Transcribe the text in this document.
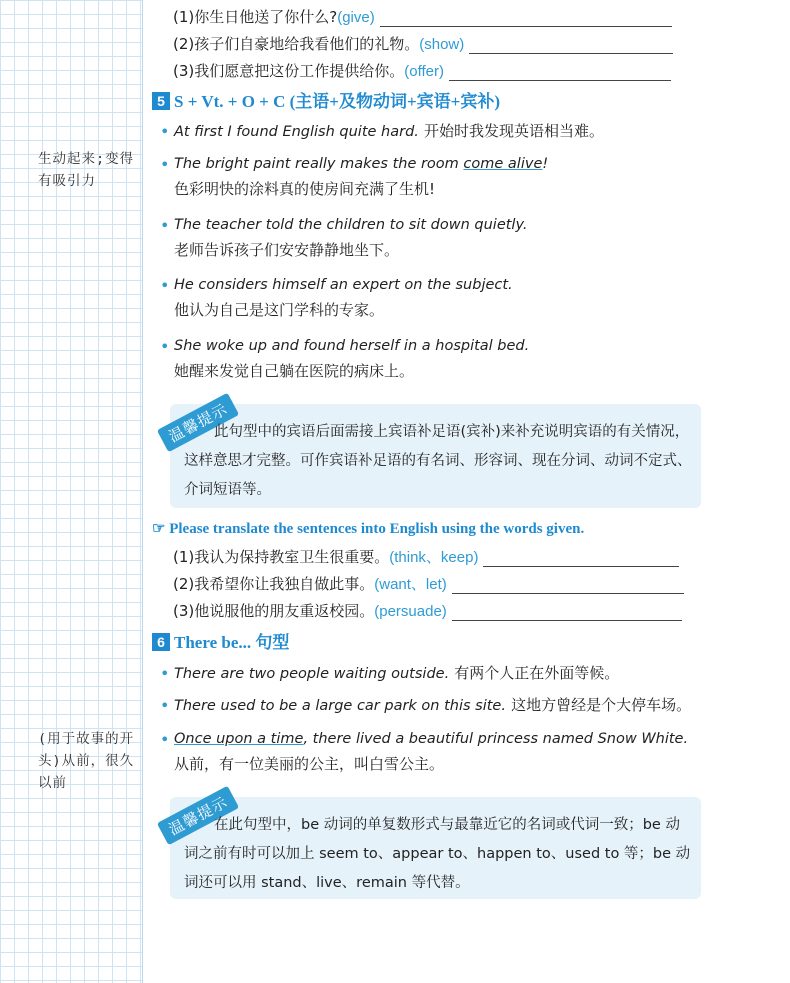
生动起来;变得有吸引力
(用于故事的开头)从前，很久以前
(1)你生日他送了你什么?(give)
(2)孩子们自豪地给我看他们的礼物。(show)
(3)我们愿意把这份工作提供给你。(offer)
5 S + Vt. + O + C (主语+及物动词+宾语+宾补)
• At first I found English quite hard. 开始时我发现英语相当难。
• The bright paint really makes the room come alive!
色彩明快的涂料真的使房间充满了生机!
• The teacher told the children to sit down quietly.
老师告诉孩子们安安静静地坐下。
• He considers himself an expert on the subject.
他认为自己是这门学科的专家。
• She woke up and found herself in a hospital bed.
她醒来发觉自己躺在医院的病床上。
温馨提示
此句型中的宾语后面需接上宾语补足语(宾补)来补充说明宾语的有关情况，这样意思才完整。可作宾语补足语的有名词、形容词、现在分词、动词不定式、介词短语等。
☞ Please translate the sentences into English using the words given.
(1)我认为保持教室卫生很重要。(think、keep)
(2)我希望你让我独自做此事。(want、let)
(3)他说服他的朋友重返校园。(persuade)
6 There be... 句型
• There are two people waiting outside. 有两个人正在外面等候。
• There used to be a large car park on this site. 这地方曾经是个大停车场。
• Once upon a time, there lived a beautiful princess named Snow White.
从前，有一位美丽的公主，叫白雪公主。
温馨提示
在此句型中，be 动词的单复数形式与最靠近它的名词或代词一致；be 动词之前有时可以加上 seem to、appear to、happen to、used to 等；be 动词还可以用 stand、live、remain 等代替。
